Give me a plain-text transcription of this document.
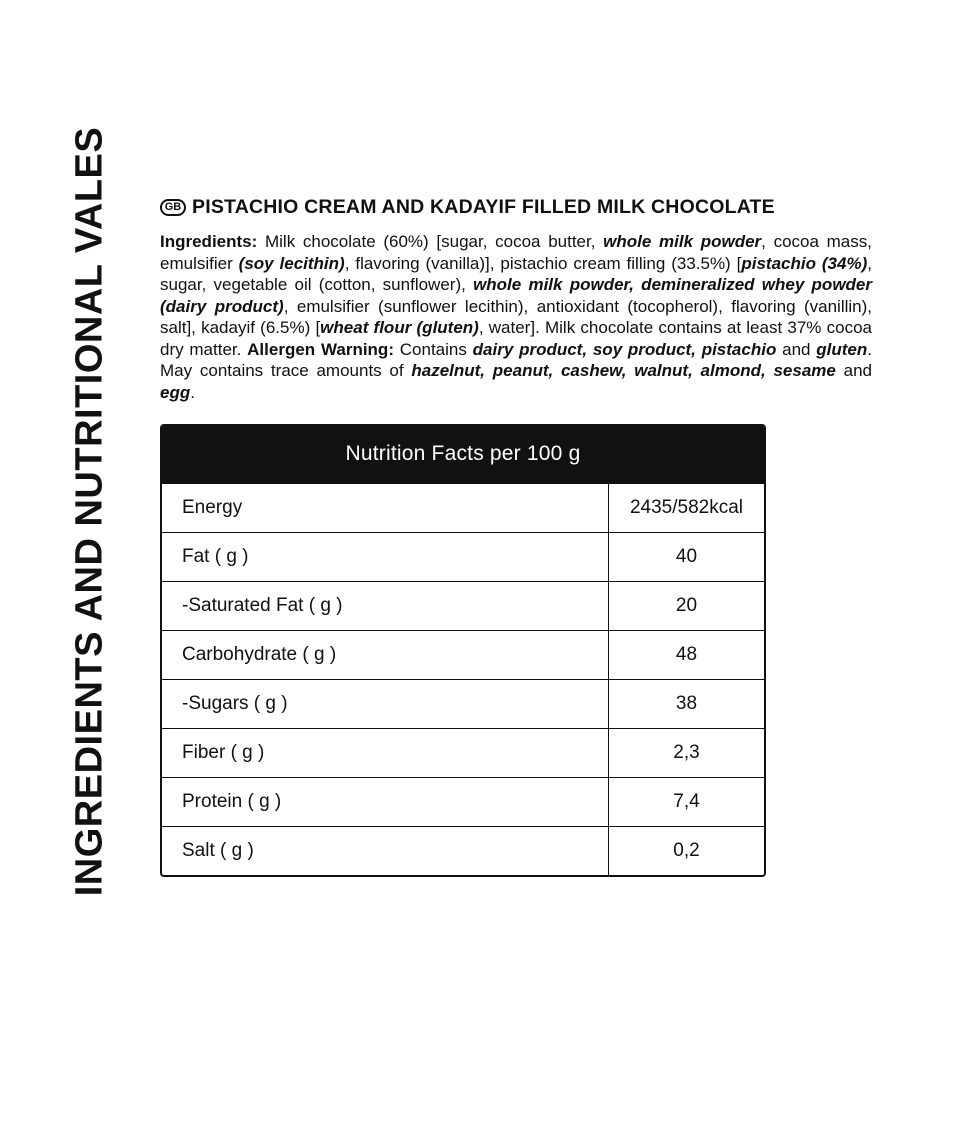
INGREDIENTS AND NUTRITIONAL VALES	GB PISTACHIO CREAM AND KADAYIF FILLED MILK CHOCOLATE
Ingredients: Milk chocolate (60%) [sugar, cocoa butter, whole milk powder, cocoa mass, emulsifier (soy lecithin), flavoring (vanilla)], pistachio cream filling (33.5%) [pistachio (34%), sugar, vegetable oil (cotton, sunflower), whole milk powder, demineralized whey powder (dairy product), emulsifier (sunflower lecithin), antioxidant (tocopherol), flavoring (vanillin), salt], kadayif (6.5%) [wheat flour (gluten), water]. Milk chocolate contains at least 37% cocoa dry matter. Allergen Warning: Contains dairy product, soy product, pistachio and gluten. May contains trace amounts of hazelnut, peanut, cashew, walnut, almond, sesame and egg.
Nutrition Facts per 100 g
Energy	2435/582kcal
Fat ( g )	40
-Saturated Fat ( g )	20
Carbohydrate ( g )	48
-Sugars ( g )	38
Fiber ( g )	2,3
Protein ( g )	7,4
Salt ( g )	0,2
